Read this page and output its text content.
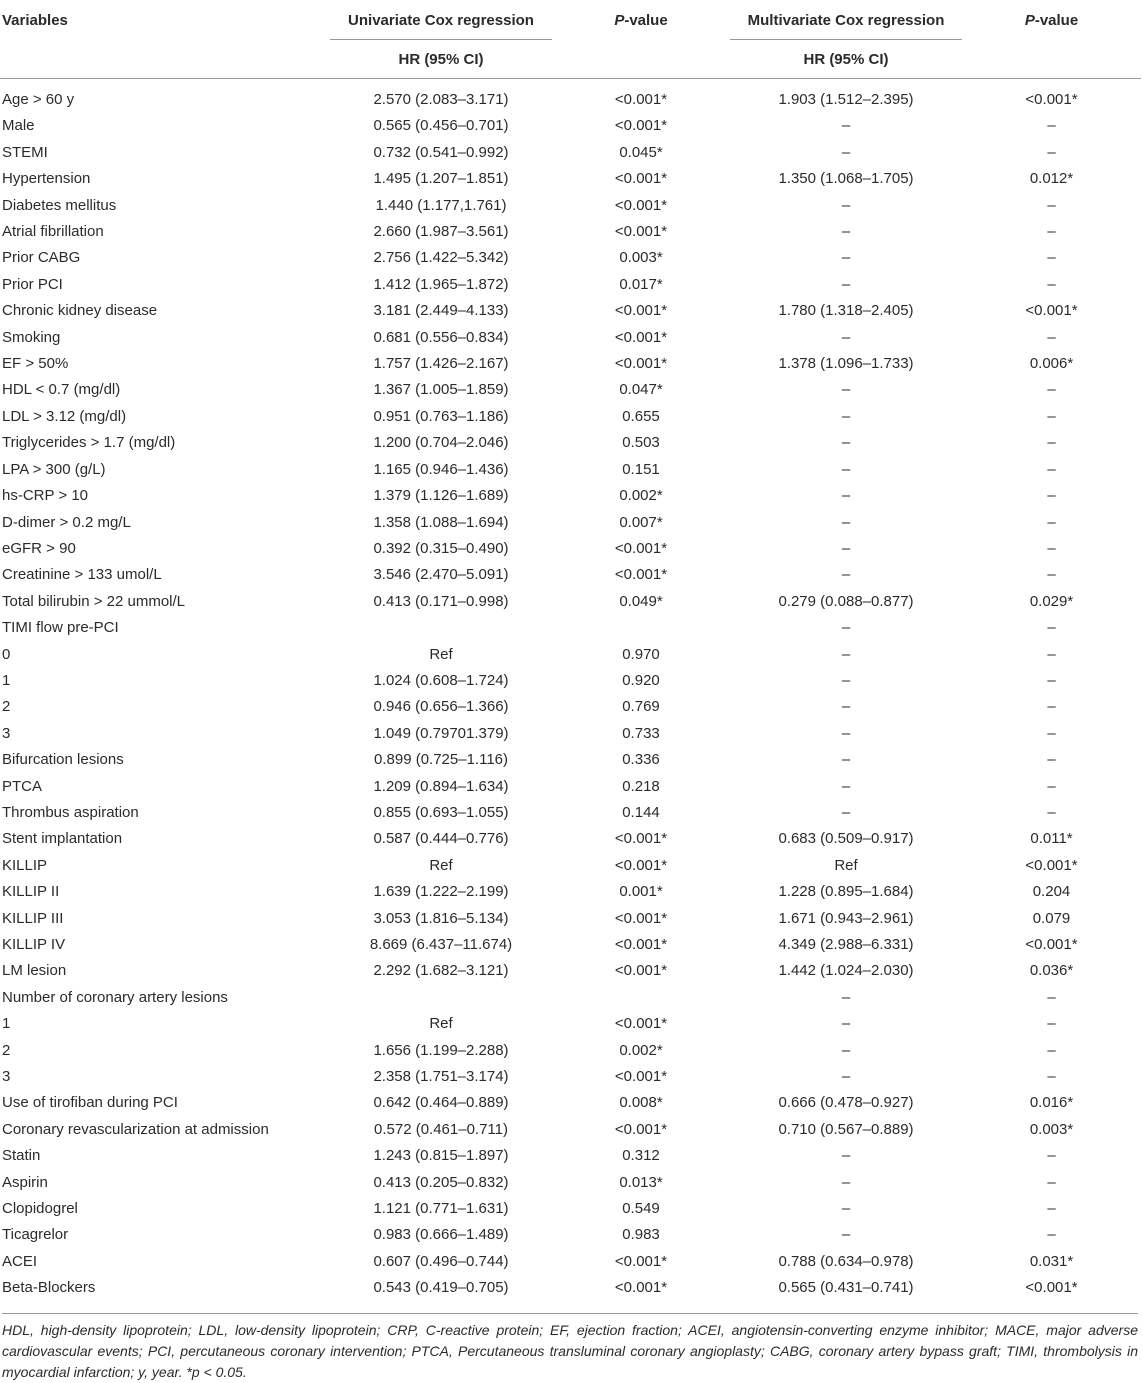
Variables	Univariate Cox regression	P-value	Multivariate Cox regression	P-value
	HR (95% CI)		HR (95% CI)	
Age > 60 y	2.570 (2.083–3.171)	<0.001*	1.903 (1.512–2.395)	<0.001*
Male	0.565 (0.456–0.701)	<0.001*	–	–
STEMI	0.732 (0.541–0.992)	0.045*	–	–
Hypertension	1.495 (1.207–1.851)	<0.001*	1.350 (1.068–1.705)	0.012*
Diabetes mellitus	1.440 (1.177,1.761)	<0.001*	–	–
Atrial fibrillation	2.660 (1.987–3.561)	<0.001*	–	–
Prior CABG	2.756 (1.422–5.342)	0.003*	–	–
Prior PCI	1.412 (1.965–1.872)	0.017*	–	–
Chronic kidney disease	3.181 (2.449–4.133)	<0.001*	1.780 (1.318–2.405)	<0.001*
Smoking	0.681 (0.556–0.834)	<0.001*	–	–
EF > 50%	1.757 (1.426–2.167)	<0.001*	1.378 (1.096–1.733)	0.006*
HDL < 0.7 (mg/dl)	1.367 (1.005–1.859)	0.047*	–	–
LDL > 3.12 (mg/dl)	0.951 (0.763–1.186)	0.655	–	–
Triglycerides > 1.7 (mg/dl)	1.200 (0.704–2.046)	0.503	–	–
LPA > 300 (g/L)	1.165 (0.946–1.436)	0.151	–	–
hs-CRP > 10	1.379 (1.126–1.689)	0.002*	–	–
D-dimer > 0.2 mg/L	1.358 (1.088–1.694)	0.007*	–	–
eGFR > 90	0.392 (0.315–0.490)	<0.001*	–	–
Creatinine > 133 umol/L	3.546 (2.470–5.091)	<0.001*	–	–
Total bilirubin > 22 ummol/L	0.413 (0.171–0.998)	0.049*	0.279 (0.088–0.877)	0.029*
TIMI flow pre-PCI			–	–
0	Ref	0.970	–	–
1	1.024 (0.608–1.724)	0.920	–	–
2	0.946 (0.656–1.366)	0.769	–	–
3	1.049 (0.79701.379)	0.733	–	–
Bifurcation lesions	0.899 (0.725–1.116)	0.336	–	–
PTCA	1.209 (0.894–1.634)	0.218	–	–
Thrombus aspiration	0.855 (0.693–1.055)	0.144	–	–
Stent implantation	0.587 (0.444–0.776)	<0.001*	0.683 (0.509–0.917)	0.011*
KILLIP	Ref	<0.001*	Ref	<0.001*
KILLIP II	1.639 (1.222–2.199)	0.001*	1.228 (0.895–1.684)	0.204
KILLIP III	3.053 (1.816–5.134)	<0.001*	1.671 (0.943–2.961)	0.079
KILLIP IV	8.669 (6.437–11.674)	<0.001*	4.349 (2.988–6.331)	<0.001*
LM lesion	2.292 (1.682–3.121)	<0.001*	1.442 (1.024–2.030)	0.036*
Number of coronary artery lesions			–	–
1	Ref	<0.001*	–	–
2	1.656 (1.199–2.288)	0.002*	–	–
3	2.358 (1.751–3.174)	<0.001*	–	–
Use of tirofiban during PCI	0.642 (0.464–0.889)	0.008*	0.666 (0.478–0.927)	0.016*
Coronary revascularization at admission	0.572 (0.461–0.711)	<0.001*	0.710 (0.567–0.889)	0.003*
Statin	1.243 (0.815–1.897)	0.312	–	–
Aspirin	0.413 (0.205–0.832)	0.013*	–	–
Clopidogrel	1.121 (0.771–1.631)	0.549	–	–
Ticagrelor	0.983 (0.666–1.489)	0.983	–	–
ACEI	0.607 (0.496–0.744)	<0.001*	0.788 (0.634–0.978)	0.031*
Beta-Blockers	0.543 (0.419–0.705)	<0.001*	0.565 (0.431–0.741)	<0.001*
HDL, high-density lipoprotein; LDL, low-density lipoprotein; CRP, C-reactive protein; EF, ejection fraction; ACEI, angiotensin-converting enzyme inhibitor; MACE, major adverse cardiovascular events; PCI, percutaneous coronary intervention; PTCA, Percutaneous transluminal coronary angioplasty; CABG, coronary artery bypass graft; TIMI, thrombolysis in myocardial infarction; y, year. *p < 0.05.
